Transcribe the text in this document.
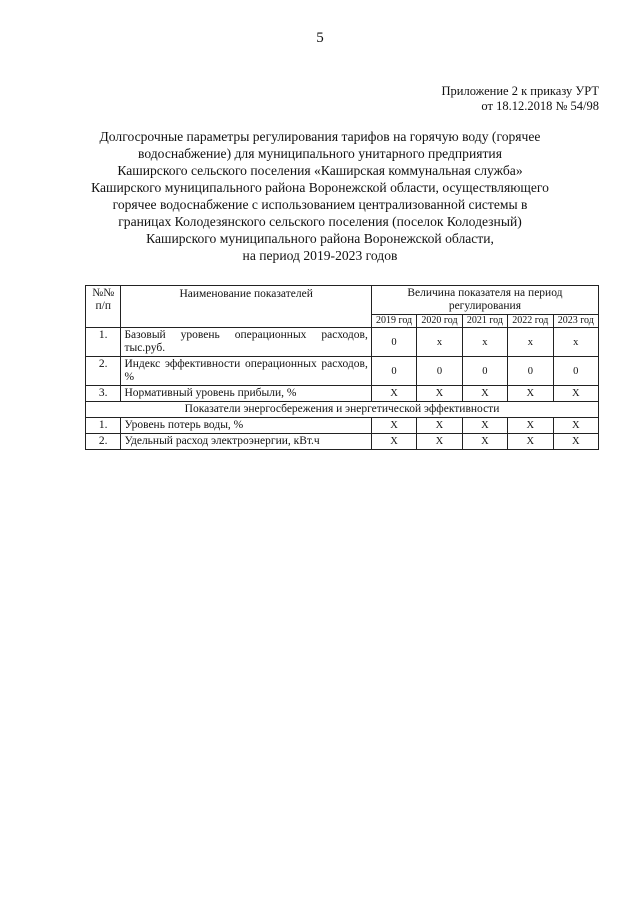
5
Приложение 2 к приказу УРТ
от 18.12.2018 № 54/98
Долгосрочные параметры регулирования тарифов на горячую воду (горячее
водоснабжение) для муниципального унитарного предприятия
Каширского сельского поселения «Каширская коммунальная служба»
Каширского муниципального района Воронежской области, осуществляющего
горячее водоснабжение с использованием централизованной системы в
границах Колодезянского сельского поселения (поселок Колодезный)
Каширского муниципального района Воронежской области,
на период 2019-2023 годов
№№ п/п	Наименование показателей	Величина показателя на период регулирования				
		2019 год	2020 год	2021 год	2022 год	2023 год
1.	Базовый уровень операционных расходов, тыс.руб.	0	x	x	x	x
2.	Индекс эффективности операционных расходов, %	0	0	0	0	0
3.	Нормативный уровень прибыли, %	Х	Х	Х	Х	Х
Показатели энергосбережения и энергетической эффективности						
1.	Уровень потерь воды, %	Х	Х	Х	Х	Х
2.	Удельный расход электроэнергии, кВт.ч	Х	Х	Х	Х	Х
